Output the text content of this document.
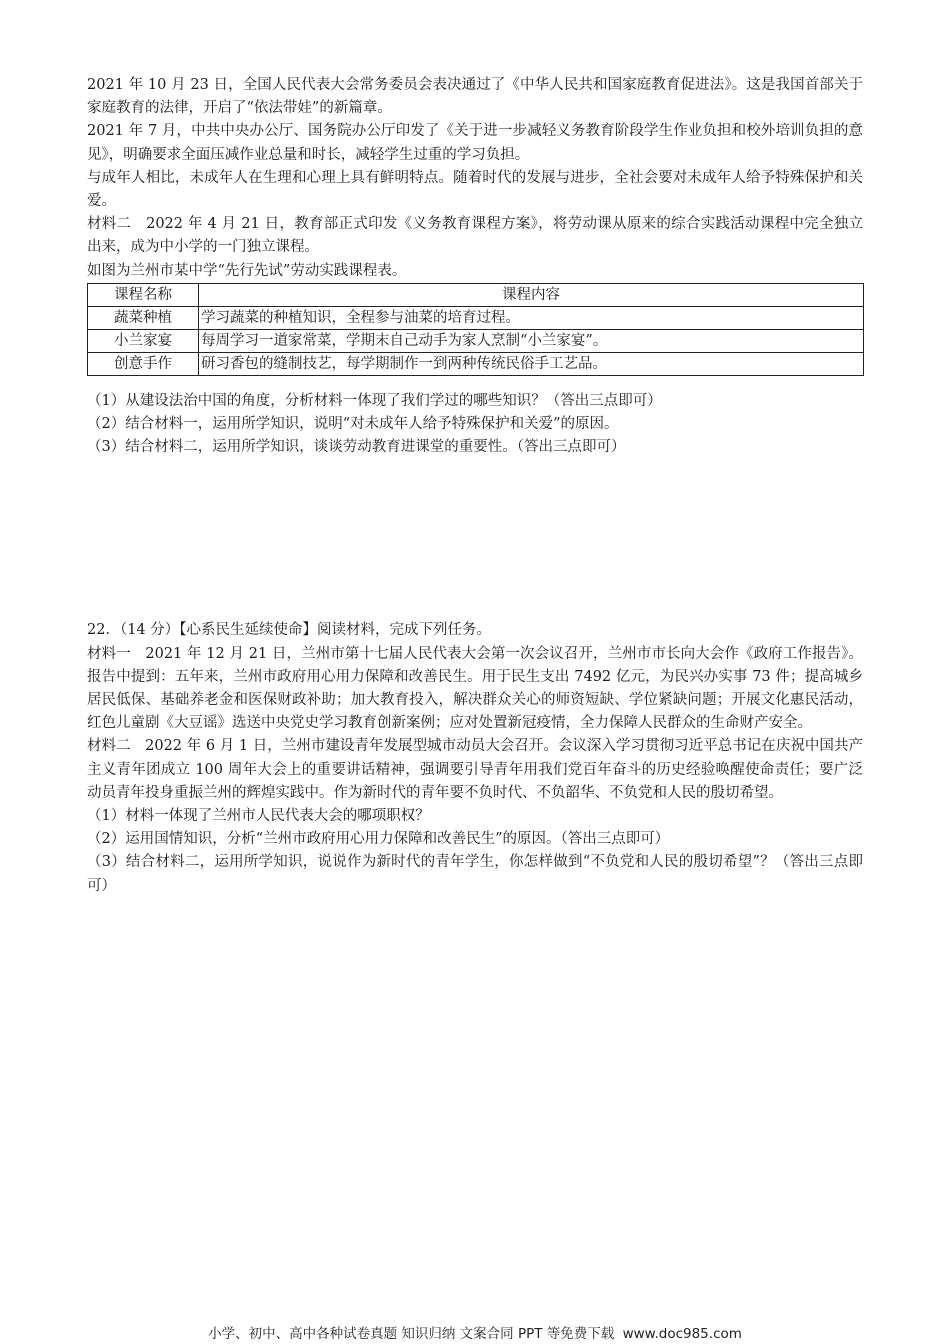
2021 年 10 月 23 日，全国人民代表大会常务委员会表决通过了《中华人民共和国家庭教育促进法》。这是我国首部关于家庭教育的法律，开启了“依法带娃”的新篇章。

2021 年 7 月，中共中央办公厅、国务院办公厅印发了《关于进一步减轻义务教育阶段学生作业负担和校外培训负担的意见》，明确要求全面压减作业总量和时长，减轻学生过重的学习负担。

与成年人相比，未成年人在生理和心理上具有鲜明特点。随着时代的发展与进步，全社会要对未成年人给予特殊保护和关爱。

材料二　2022 年 4 月 21 日，教育部正式印发《义务教育课程方案》，将劳动课从原来的综合实践活动课程中完全独立出来，成为中小学的一门独立课程。

如图为兰州市某中学“先行先试”劳动实践课程表。

课程名称	课程内容
蔬菜种植	学习蔬菜的种植知识，全程参与油菜的培育过程。
小兰家宴	每周学习一道家常菜，学期末自己动手为家人烹制“小兰家宴”。
创意手作	研习香包的缝制技艺，每学期制作一到两种传统民俗手工艺品。

（1）从建设法治中国的角度，分析材料一体现了我们学过的哪些知识？（答出三点即可）

（2）结合材料一，运用所学知识，说明“对未成年人给予特殊保护和关爱”的原因。

（3）结合材料二，运用所学知识，谈谈劳动教育进课堂的重要性。（答出三点即可）

22．（14 分）【心系民生延续使命】阅读材料，完成下列任务。

材料一　2021 年 12 月 21 日，兰州市第十七届人民代表大会第一次会议召开，兰州市市长向大会作《政府工作报告》。报告中提到：五年来，兰州市政府用心用力保障和改善民生。用于民生支出 7492 亿元，为民兴办实事 73 件；提高城乡居民低保、基础养老金和医保财政补助；加大教育投入，解决群众关心的师资短缺、学位紧缺问题；开展文化惠民活动，红色儿童剧《大豆谣》选送中央党史学习教育创新案例；应对处置新冠疫情，全力保障人民群众的生命财产安全。

材料二　2022 年 6 月 1 日，兰州市建设青年发展型城市动员大会召开。会议深入学习贯彻习近平总书记在庆祝中国共产主义青年团成立 100 周年大会上的重要讲话精神，强调要引导青年用我们党百年奋斗的历史经验唤醒使命责任；要广泛动员青年投身重振兰州的辉煌实践中。作为新时代的青年要不负时代、不负韶华、不负党和人民的殷切希望。

（1）材料一体现了兰州市人民代表大会的哪项职权？

（2）运用国情知识，分析“兰州市政府用心用力保障和改善民生”的原因。（答出三点即可）

（3）结合材料二，运用所学知识，说说作为新时代的青年学生，你怎样做到“不负党和人民的殷切希望”？（答出三点即可）

小学、初中、高中各种试卷真题 知识归纳 文案合同 PPT 等免费下载 www.doc985.com
